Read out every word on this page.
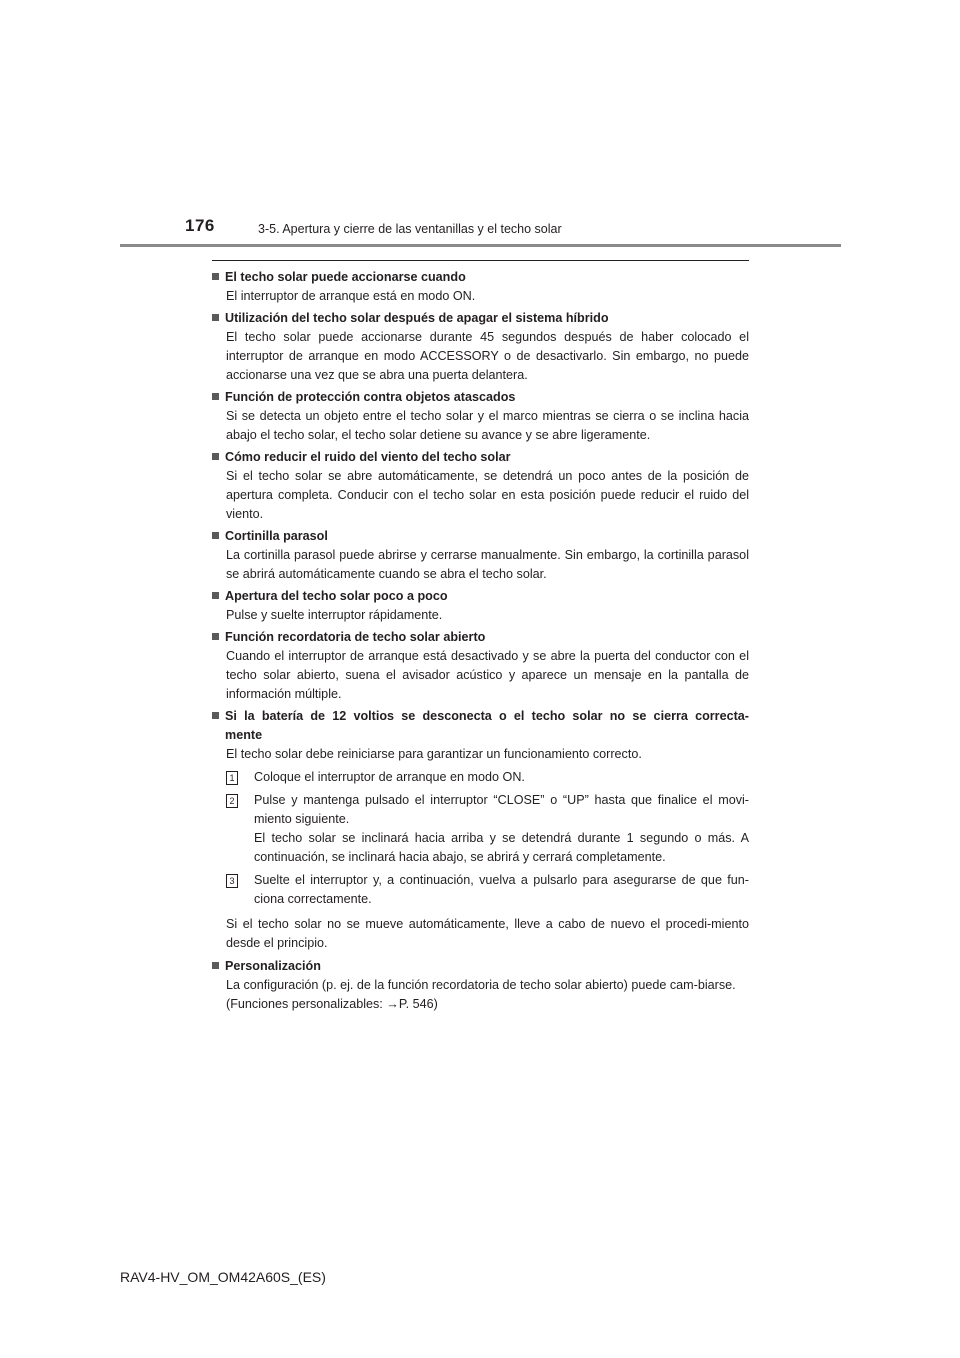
176	3-5. Apertura y cierre de las ventanillas y el techo solar
El techo solar puede accionarse cuando
El interruptor de arranque está en modo ON.
Utilización del techo solar después de apagar el sistema híbrido
El techo solar puede accionarse durante 45 segundos después de haber colocado el interruptor de arranque en modo ACCESSORY o de desactivarlo. Sin embargo, no puede accionarse una vez que se abra una puerta delantera.
Función de protección contra objetos atascados
Si se detecta un objeto entre el techo solar y el marco mientras se cierra o se inclina hacia abajo el techo solar, el techo solar detiene su avance y se abre ligeramente.
Cómo reducir el ruido del viento del techo solar
Si el techo solar se abre automáticamente, se detendrá un poco antes de la posición de apertura completa. Conducir con el techo solar en esta posición puede reducir el ruido del viento.
Cortinilla parasol
La cortinilla parasol puede abrirse y cerrarse manualmente. Sin embargo, la cortinilla parasol se abrirá automáticamente cuando se abra el techo solar.
Apertura del techo solar poco a poco
Pulse y suelte interruptor rápidamente.
Función recordatoria de techo solar abierto
Cuando el interruptor de arranque está desactivado y se abre la puerta del conductor con el techo solar abierto, suena el avisador acústico y aparece un mensaje en la pantalla de información múltiple.
Si la batería de 12 voltios se desconecta o el techo solar no se cierra correcta-mente
El techo solar debe reiniciarse para garantizar un funcionamiento correcto.
1 Coloque el interruptor de arranque en modo ON.
2 Pulse y mantenga pulsado el interruptor “CLOSE” o “UP” hasta que finalice el movi-miento siguiente.
El techo solar se inclinará hacia arriba y se detendrá durante 1 segundo o más. A continuación, se inclinará hacia abajo, se abrirá y cerrará completamente.
3 Suelte el interruptor y, a continuación, vuelva a pulsarlo para asegurarse de que fun-ciona correctamente.
Si el techo solar no se mueve automáticamente, lleve a cabo de nuevo el procedi-miento desde el principio.
Personalización
La configuración (p. ej. de la función recordatoria de techo solar abierto) puede cam-biarse.
(Funciones personalizables: →P. 546)
RAV4-HV_OM_OM42A60S_(ES)
